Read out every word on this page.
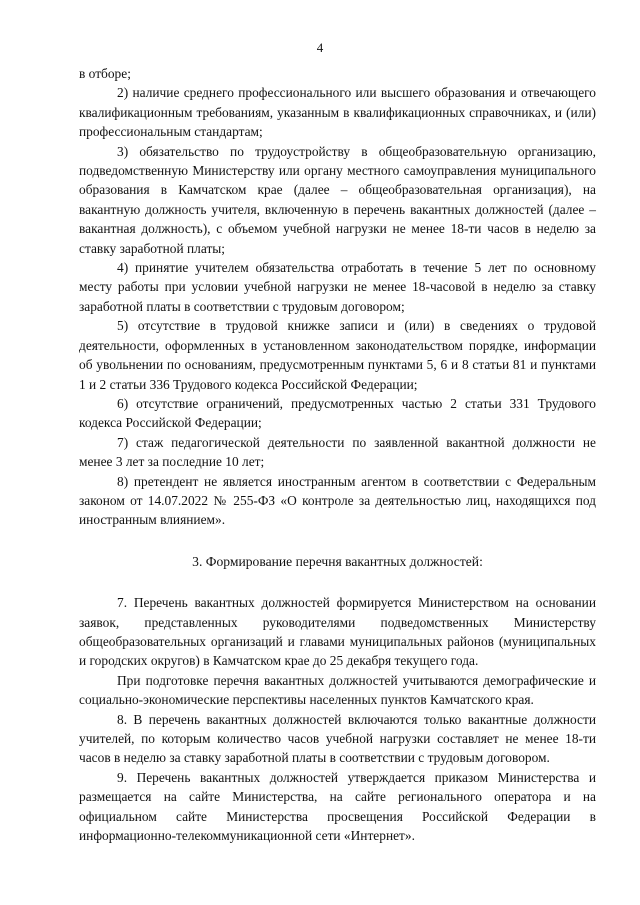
4

в отборе;

2) наличие среднего профессионального или высшего образования и отвечающего квалификационным требованиям, указанным в квалификационных справочниках, и (или) профессиональным стандартам;

3) обязательство по трудоустройству в общеобразовательную организацию, подведомственную Министерству или органу местного самоуправления муниципального образования в Камчатском крае (далее – общеобразовательная организация), на вакантную должность учителя, включенную в перечень вакантных должностей (далее – вакантная должность), с объемом учебной нагрузки не менее 18-ти часов в неделю за ставку заработной платы;

4) принятие учителем обязательства отработать в течение 5 лет по основному месту работы при условии учебной нагрузки не менее 18-часовой в неделю за ставку заработной платы в соответствии с трудовым договором;

5) отсутствие в трудовой книжке записи и (или) в сведениях о трудовой деятельности, оформленных в установленном законодательством порядке, информации об увольнении по основаниям, предусмотренным пунктами 5, 6 и 8 статьи 81 и пунктами 1 и 2 статьи 336 Трудового кодекса Российской Федерации;

6) отсутствие ограничений, предусмотренных частью 2 статьи 331 Трудового кодекса Российской Федерации;

7) стаж педагогической деятельности по заявленной вакантной должности не менее 3 лет за последние 10 лет;

8) претендент не является иностранным агентом в соответствии с Федеральным законом от 14.07.2022 № 255-ФЗ «О контроле за деятельностью лиц, находящихся под иностранным влиянием».

3. Формирование перечня вакантных должностей:

7. Перечень вакантных должностей формируется Министерством на основании заявок, представленных руководителями подведомственных Министерству общеобразовательных организаций и главами муниципальных районов (муниципальных и городских округов) в Камчатском крае до 25 декабря текущего года.

При подготовке перечня вакантных должностей учитываются демографические и социально-экономические перспективы населенных пунктов Камчатского края.

8. В перечень вакантных должностей включаются только вакантные должности учителей, по которым количество часов учебной нагрузки составляет не менее 18-ти часов в неделю за ставку заработной платы в соответствии с трудовым договором.

9. Перечень вакантных должностей утверждается приказом Министерства и размещается на сайте Министерства, на сайте регионального оператора и на официальном сайте Министерства просвещения Российской Федерации в информационно-телекоммуникационной сети «Интернет».
